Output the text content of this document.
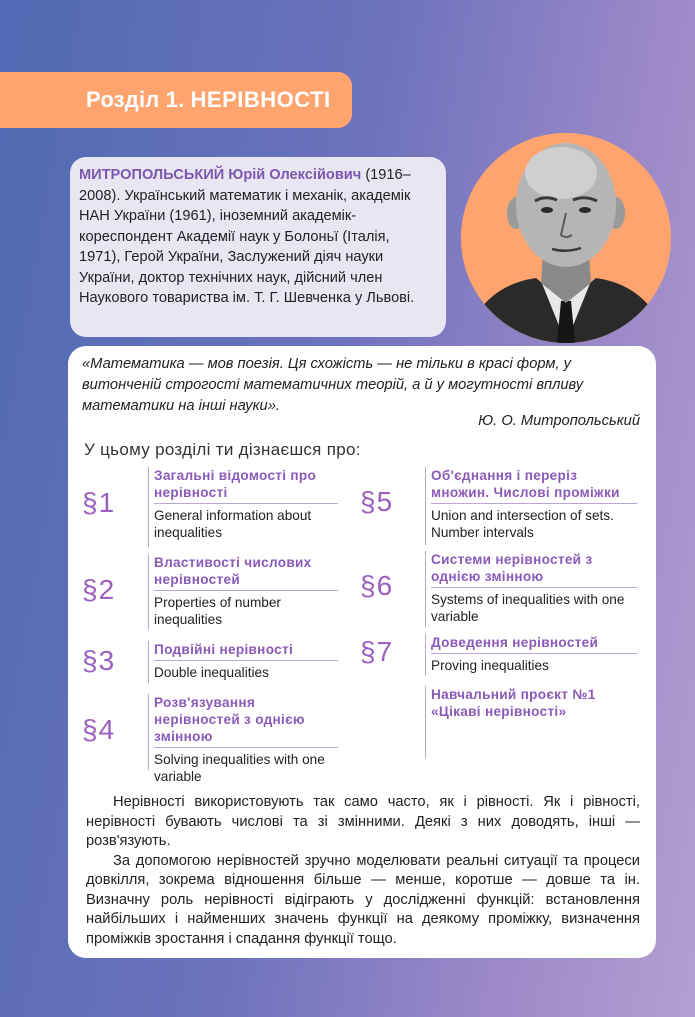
Розділ 1. НЕРІВНОСТІ
МИТРОПОЛЬСЬКИЙ Юрій Олексійович (1916–2008). Український математик і механік, академік НАН України (1961), іноземний академік-кореспондент Академії наук у Болоньї (Італія, 1971), Герой України, Заслужений діяч науки України, доктор технічних наук, дійсний член Наукового товариства ім. Т. Г. Шевченка у Львові.
«Математика — мов поезія. Ця схожість — не тільки в красі форм, у витонченій строгості математичних теорій, а й у могутності впливу математики на інші науки».
Ю. О. Митропольський
У цьому розділі ти дізнаєшся про:
§1
Загальні відомості про нерівності
General information about inequalities
§2
Властивості числових нерівностей
Properties of number inequalities
§3	Подвійні нерівності
Double inequalities
§4
Розв'язування нерівностей з однією змінною
Solving inequalities with one variable
§5
Об'єднання і переріз множин. Числові проміжки
Union and intersection of sets. Number intervals
§6
Системи нерівностей з однією змінною
Systems of inequalities with one variable
§7	Доведення нерівностей
Proving inequalities
Навчальний проєкт №1 «Цікаві нерівності»

Нерівності використовують так само часто, як і рівності. Як і рівності, нерівності бувають числові та зі змінними. Деякі з них доводять, інші — розв'язують.

За допомогою нерівностей зручно моделювати реальні ситуації та процеси довкілля, зокрема відношення більше — менше, коротше — довше та ін. Визначну роль нерівності відіграють у дослідженні функцій: встановлення найбільших і найменших значень функції на деякому проміжку, визначення проміжків зростання і спадання функції тощо.
